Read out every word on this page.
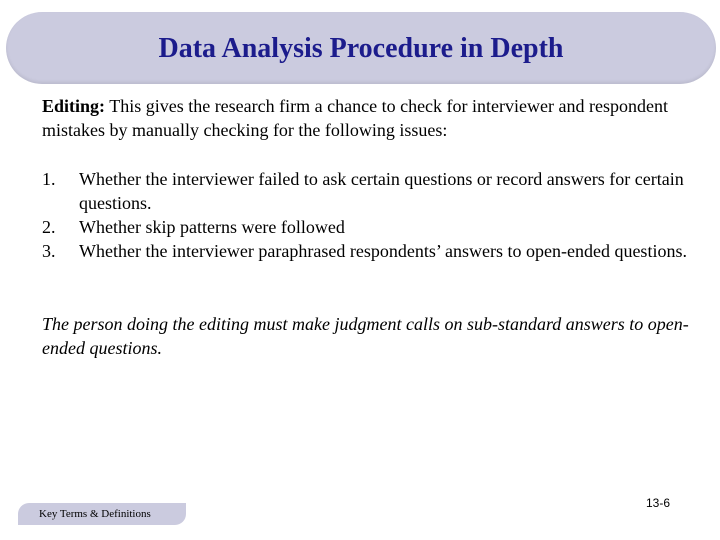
Data Analysis Procedure in Depth

Editing: This gives the research firm a chance to check for interviewer and respondent mistakes by manually checking for the following issues:

1. Whether the interviewer failed to ask certain questions or record answers for certain questions.
2. Whether skip patterns were followed
3. Whether the interviewer paraphrased respondents’ answers to open-ended questions.

The person doing the editing must make judgment calls on sub-standard answers to open-ended questions.

Key Terms & Definitions
13-6
